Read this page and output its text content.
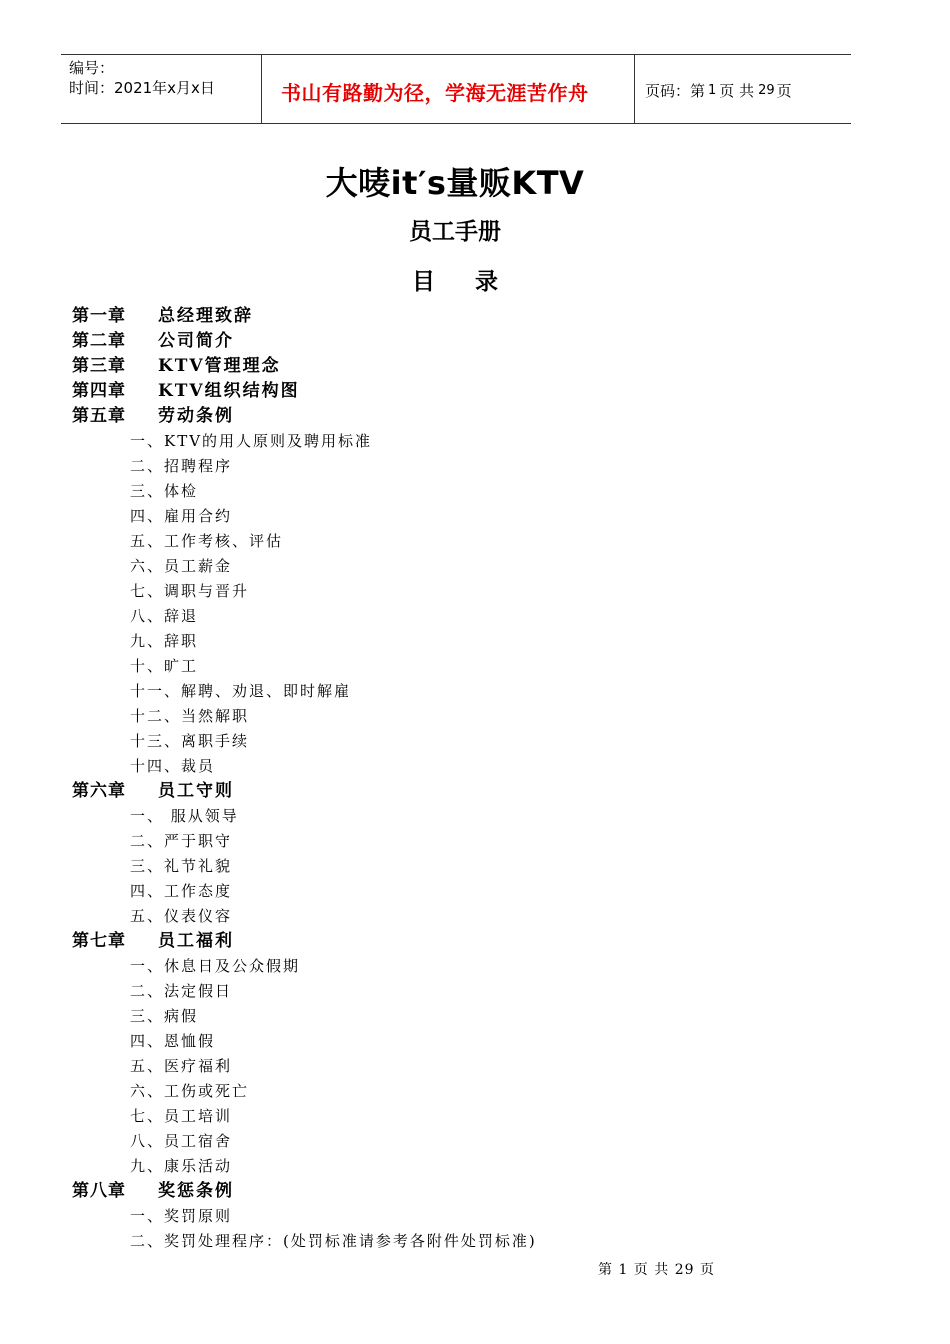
编号：
时间：2021年x月x日	书山有路勤为径，学海无涯苦作舟	页码：第 1 页 共 29 页
大唛it′s量贩KTV
员工手册
目录
第一章 总经理致辞
第二章 公司简介
第三章 KTV管理理念
第四章 KTV组织结构图
第五章 劳动条例
一、KTV的用人原则及聘用标准
二、招聘程序
三、体检
四、雇用合约
五、工作考核、评估
六、员工薪金
七、调职与晋升
八、辞退
九、辞职
十、旷工
十一、解聘、劝退、即时解雇
十二、当然解职
十三、离职手续
十四、裁员
第六章 员工守则
一、 服从领导
二、严于职守
三、礼节礼貌
四、工作态度
五、仪表仪容
第七章 员工福利
一、休息日及公众假期
二、法定假日
三、病假
四、恩恤假
五、医疗福利
六、工伤或死亡
七、员工培训
八、员工宿舍
九、康乐活动
第八章 奖惩条例
一、奖罚原则
二、奖罚处理程序：(处罚标准请参考各附件处罚标准)
第 1 页 共 29 页
